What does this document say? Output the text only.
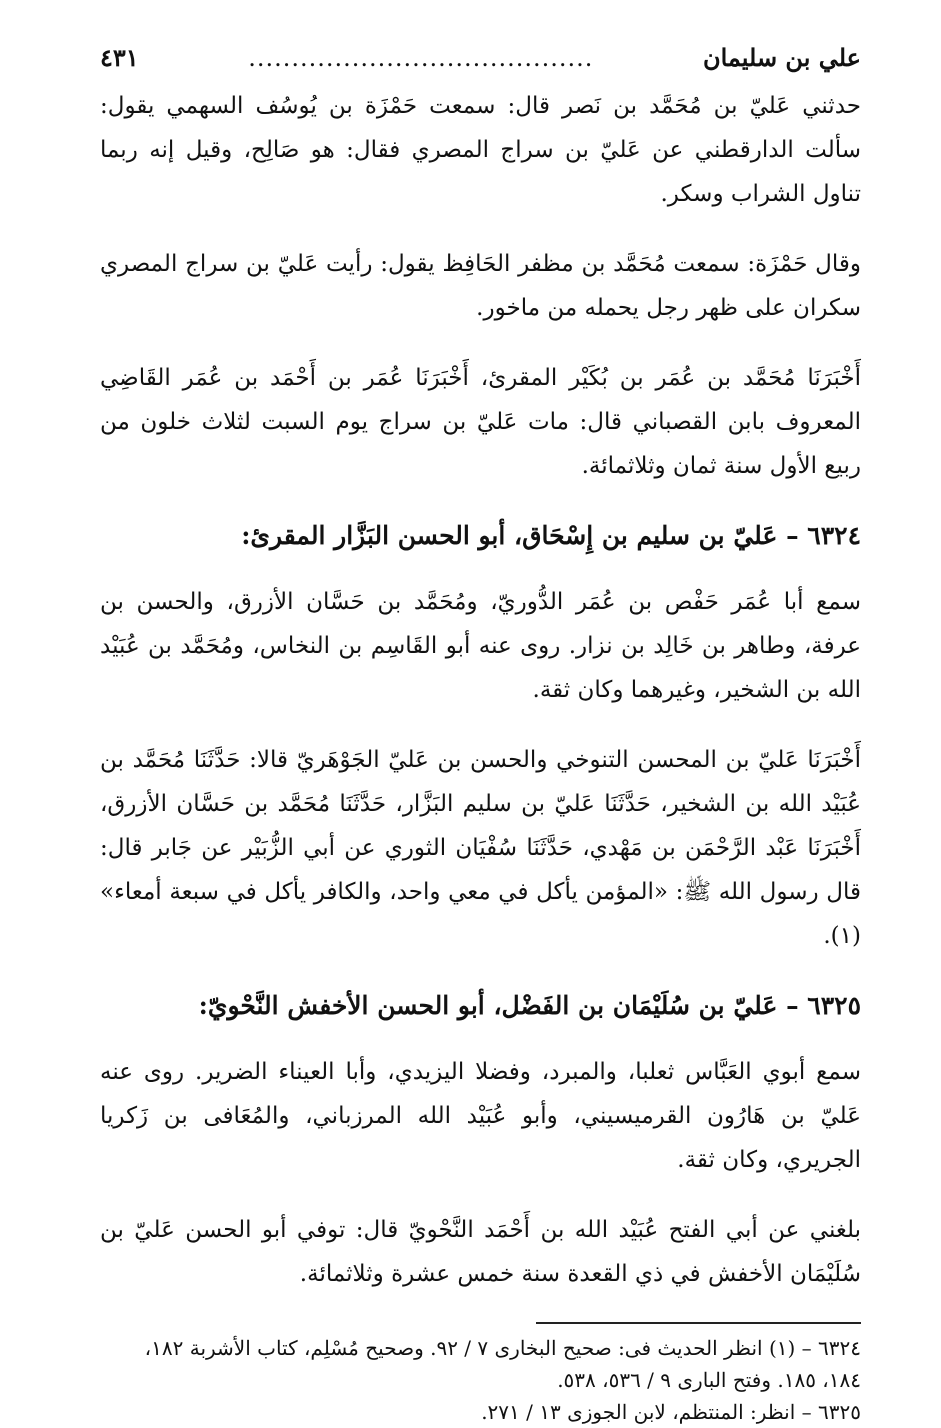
علي بن سليمان
........................................
٤٣١

حدثني عَليّ بن مُحَمَّد بن نَصر قال: سمعت حَمْزَة بن يُوسُف السهمي يقول: سألت الدارقطني عن عَليّ بن سراج المصري فقال: هو صَالِح، وقيل إنه ربما تناول الشراب وسكر.

وقال حَمْزَة: سمعت مُحَمَّد بن مظفر الحَافِظ يقول: رأيت عَليّ بن سراج المصري سكران على ظهر رجل يحمله من ماخور.

أَخْبَرَنَا مُحَمَّد بن عُمَر بن بُكَيْر المقرئ، أَخْبَرَنَا عُمَر بن أَحْمَد بن عُمَر القَاضِي المعروف بابن القصباني قال: مات عَليّ بن سراج يوم السبت لثلاث خلون من ربيع الأول سنة ثمان وثلاثمائة.

٦٣٢٤ – عَليّ بن سليم بن إِسْحَاق، أبو الحسن البَزَّار المقرئ:

سمع أبا عُمَر حَفْص بن عُمَر الدُّوريّ، ومُحَمَّد بن حَسَّان الأزرق، والحسن بن عرفة، وطاهر بن خَالِد بن نزار. روى عنه أبو القَاسِم بن النخاس، ومُحَمَّد بن عُبَيْد الله بن الشخير، وغيرهما وكان ثقة.

أَخْبَرَنَا عَليّ بن المحسن التنوخي والحسن بن عَليّ الجَوْهَريّ قالا: حَدَّثَنَا مُحَمَّد بن عُبَيْد الله بن الشخير، حَدَّثَنَا عَليّ بن سليم البَزَّار، حَدَّثَنَا مُحَمَّد بن حَسَّان الأزرق، أَخْبَرَنَا عَبْد الرَّحْمَن بن مَهْدي، حَدَّثَنَا سُفْيَان الثوري عن أبي الزُّبَيْر عن جَابر قال: قال رسول الله ﷺ: «المؤمن يأكل في معي واحد، والكافر يأكل في سبعة أمعاء» (١).

٦٣٢٥ – عَليّ بن سُلَيْمَان بن الفَضْل، أبو الحسن الأخفش النَّحْويّ:

سمع أبوي العَبَّاس ثعلبا، والمبرد، وفضلا اليزيدي، وأبا العيناء الضرير. روى عنه عَليّ بن هَارُون القرميسيني، وأبو عُبَيْد الله المرزباني، والمُعَافى بن زَكريا الجريري، وكان ثقة.

بلغني عن أبي الفتح عُبَيْد الله بن أَحْمَد النَّحْويّ قال: توفي أبو الحسن عَليّ بن سُلَيْمَان الأخفش في ذي القعدة سنة خمس عشرة وثلاثمائة.

٦٣٢٤ – (١) انظر الحديث فى: صحيح البخارى ٧ / ٩٢. وصحيح مُسْلِم، كتاب الأشربة ١٨٢، ١٨٤، ١٨٥. وفتح البارى ٩ / ٥٣٦، ٥٣٨.

٦٣٢٥ – انظر: المنتظم، لابن الجوزى ١٣ / ٢٧١.
